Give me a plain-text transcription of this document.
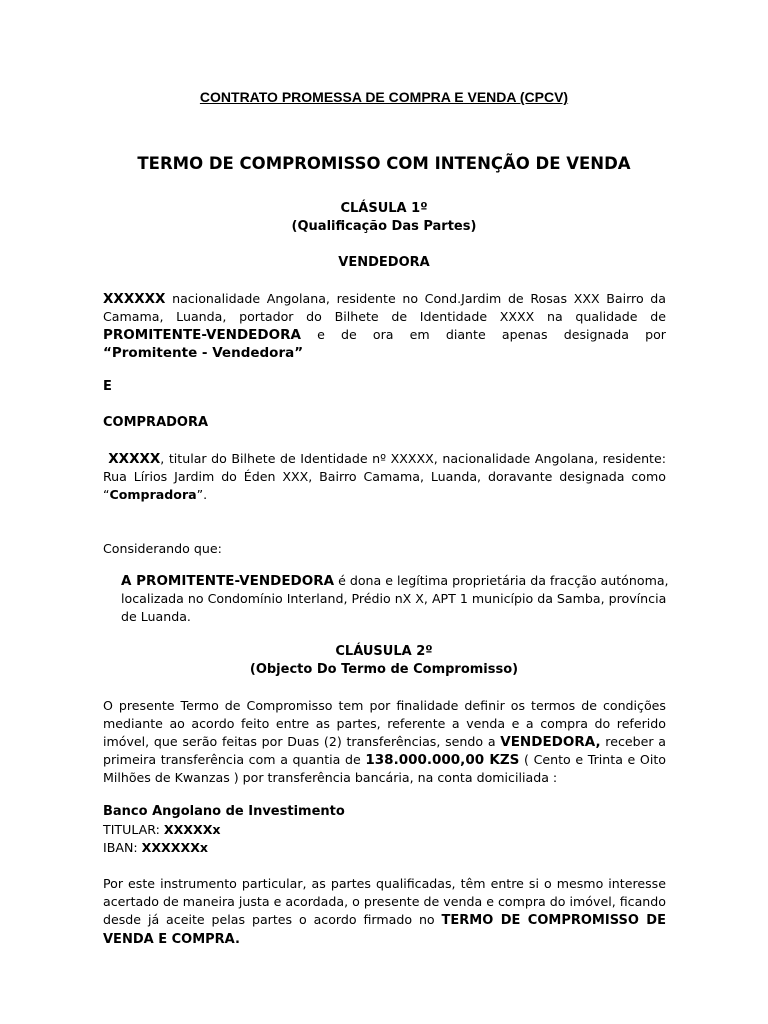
CONTRATO PROMESSA DE COMPRA E VENDA (CPCV)
TERMO DE COMPROMISSO COM INTENÇÃO DE VENDA
CLÁSULA 1º
(Qualificação Das Partes)
VENDEDORA
XXXXXX nacionalidade Angolana, residente no Cond.Jardim de Rosas XXX Bairro da Camama, Luanda, portador do Bilhete de Identidade XXXX na qualidade de PROMITENTE-VENDEDORA e de ora em diante apenas designada por “Promitente - Vendedora”
E
COMPRADORA
XXXXX, titular do Bilhete de Identidade nº XXXXX, nacionalidade Angolana, residente: Rua Lírios Jardim do Éden XXX, Bairro Camama, Luanda, doravante designada como “Compradora”.
Considerando que:
A PROMITENTE-VENDEDORA é dona e legítima proprietária da fracção autónoma, localizada no Condomínio Interland, Prédio nX X, APT 1 município da Samba, província de Luanda.
CLÁUSULA 2º
(Objecto Do Termo de Compromisso)
O presente Termo de Compromisso tem por finalidade definir os termos de condições mediante ao acordo feito entre as partes, referente a venda e a compra do referido imóvel, que serão feitas por Duas (2) transferências, sendo a VENDEDORA, receber a primeira transferência com a quantia de 138.000.000,00 KZS ( Cento e Trinta e Oito Milhões de Kwanzas ) por transferência bancária, na conta domiciliada :
Banco Angolano de Investimento
TITULAR: XXXXXx
IBAN: XXXXXXx
Por este instrumento particular, as partes qualificadas, têm entre si o mesmo interesse acertado de maneira justa e acordada, o presente de venda e compra do imóvel, ficando desde já aceite pelas partes o acordo firmado no TERMO DE COMPROMISSO DE VENDA E COMPRA.
